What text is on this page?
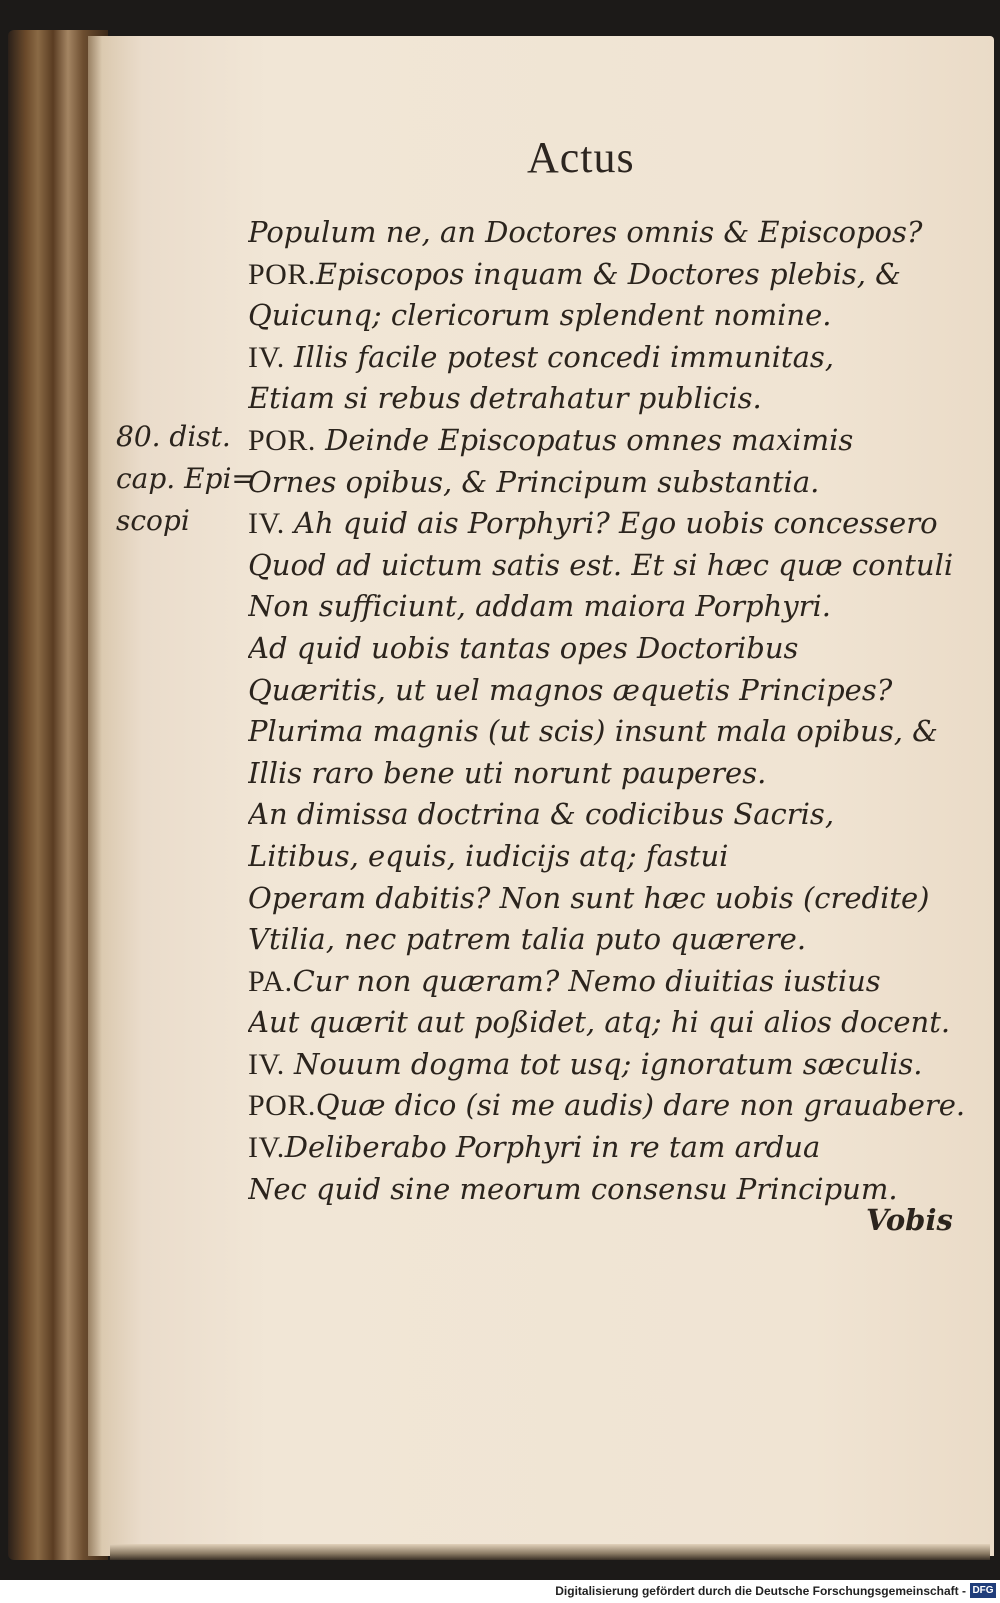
Actus
Populum ne, an Doctores omnis & Episcopos?
POR.Episcopos inquam & Doctores plebis, &
Quicunq; clericorum splendent nomine.
IV. Illis facile potest concedi immunitas,
Etiam si rebus detrahatur publicis.
POR. Deinde Episcopatus omnes maximis
Ornes opibus, & Principum substantia.
IV. Ah quid ais Porphyri? Ego uobis concessero
Quod ad uictum satis est. Et si hæc quæ contuli
Non sufficiunt, addam maiora Porphyri.
Ad quid uobis tantas opes Doctoribus
Quæritis, ut uel magnos æquetis Principes?
Plurima magnis (ut scis) insunt mala opibus, &
Illis raro bene uti norunt pauperes.
An dimissa doctrina & codicibus Sacris,
Litibus, equis, iudicijs atq; fastui
Operam dabitis? Non sunt hæc uobis (credite)
Vtilia, nec patrem talia puto quærere.
PA.Cur non quæram? Nemo diuitias iustius
Aut quærit aut poßidet, atq; hi qui alios docent.
IV. Nouum dogma tot usq; ignoratum sæculis.
POR.Quæ dico (si me audis) dare non grauabere.
IV.Deliberabo Porphyri in re tam ardua
Nec quid sine meorum consensu Principum.
80. dist.
cap. Epi=
scopi
Vobis
Digitalisierung gefördert durch die Deutsche Forschungsgemeinschaft - DFG
